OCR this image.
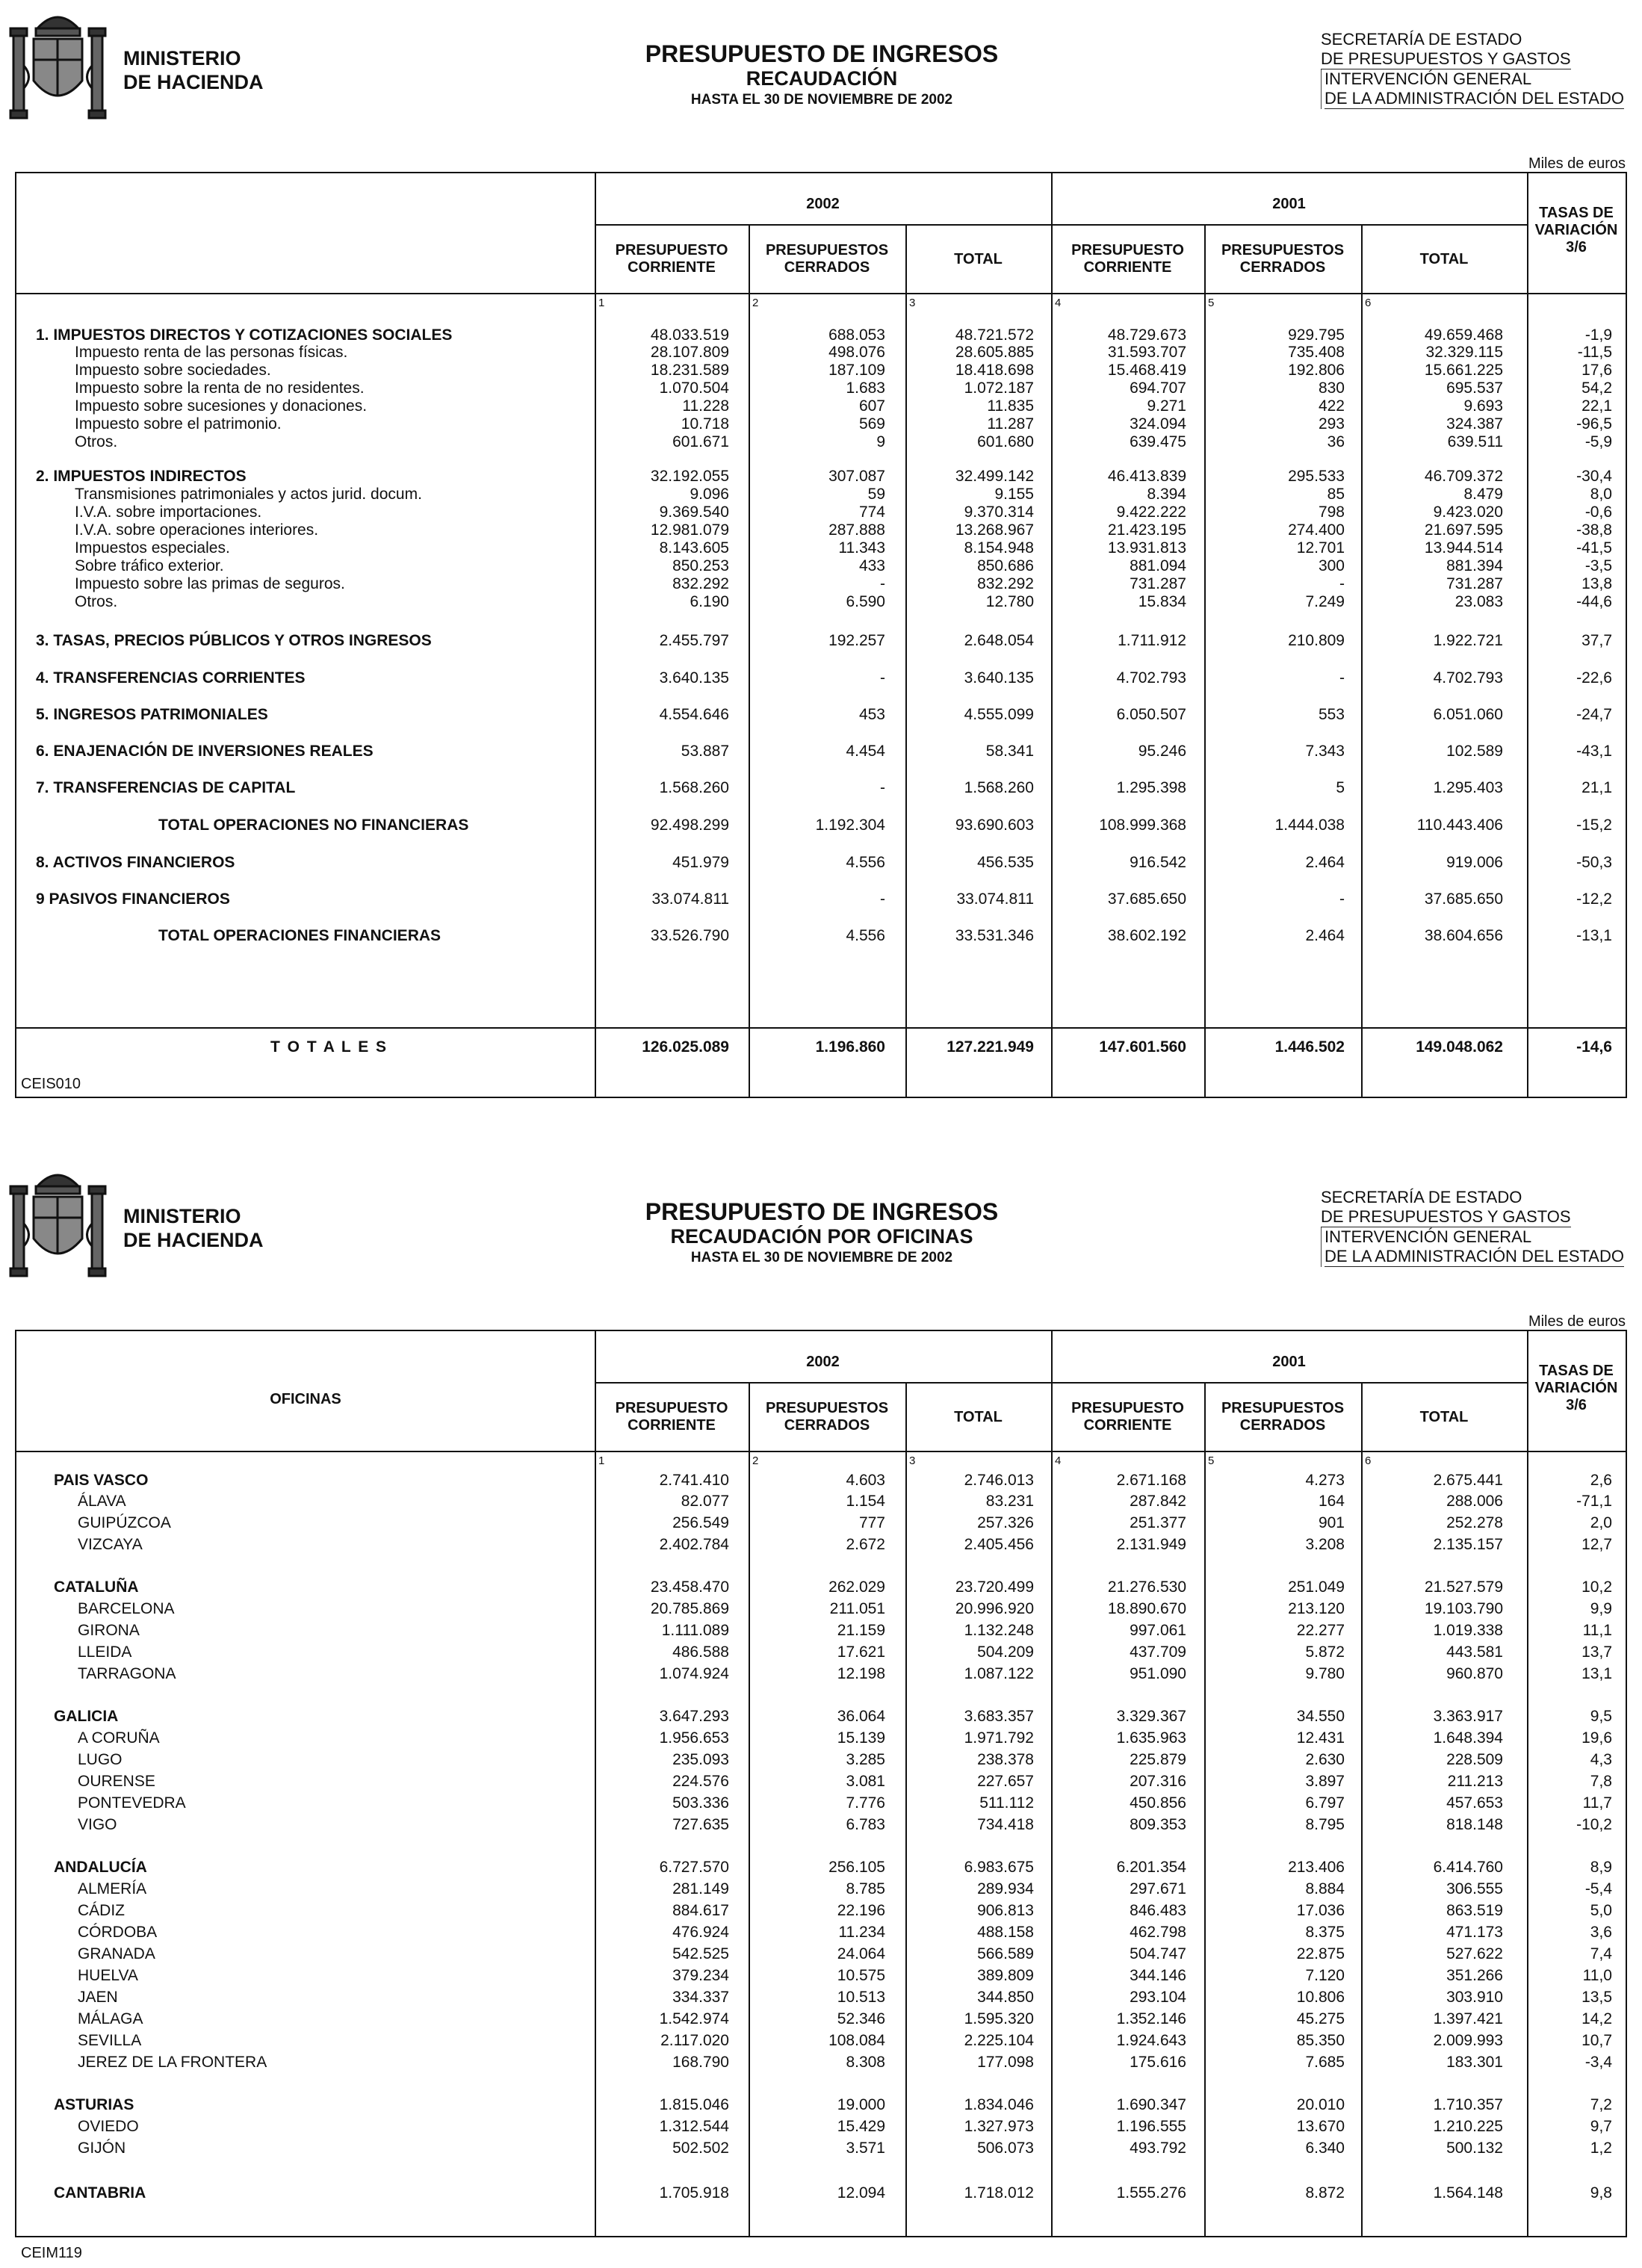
MINISTERIO
DE HACIENDA
PRESUPUESTO DE INGRESOS
RECAUDACIÓN
HASTA EL 30 DE NOVIEMBRE DE 2002
SECRETARÍA DE ESTADO
DE PRESUPUESTOS Y GASTOS
INTERVENCIÓN GENERAL
DE LA ADMINISTRACIÓN DEL ESTADO
Miles de euros
2002	2001
PRESUPUESTO
CORRIENTE
PRESUPUESTOS
CERRADOS	TOTAL
PRESUPUESTO
CORRIENTE
PRESUPUESTOS
CERRADOS	TOTAL
TASAS DE
VARIACIÓN
3/6
1	2	3	4	5	6
1. IMPUESTOS DIRECTOS Y COTIZACIONES SOCIALES	48.033.519	688.053	48.721.572	48.729.673	929.795	49.659.468	-1,9
Impuesto renta de las personas físicas.	28.107.809	498.076	28.605.885	31.593.707	735.408	32.329.115	-11,5
Impuesto sobre sociedades.	18.231.589	187.109	18.418.698	15.468.419	192.806	15.661.225	17,6
Impuesto sobre la renta de no residentes.	1.070.504	1.683	1.072.187	694.707	830	695.537	54,2
Impuesto sobre sucesiones y donaciones.	11.228	607	11.835	9.271	422	9.693	22,1
Impuesto sobre el patrimonio.	10.718	569	11.287	324.094	293	324.387	-96,5
Otros.	601.671	9	601.680	639.475	36	639.511	-5,9
2. IMPUESTOS INDIRECTOS	32.192.055	307.087	32.499.142	46.413.839	295.533	46.709.372	-30,4
Transmisiones patrimoniales y actos jurid. docum.	9.096	59	9.155	8.394	85	8.479	8,0
I.V.A. sobre importaciones.	9.369.540	774	9.370.314	9.422.222	798	9.423.020	-0,6
I.V.A. sobre operaciones interiores.	12.981.079	287.888	13.268.967	21.423.195	274.400	21.697.595	-38,8
Impuestos especiales.	8.143.605	11.343	8.154.948	13.931.813	12.701	13.944.514	-41,5
Sobre tráfico exterior.	850.253	433	850.686	881.094	300	881.394	-3,5
Impuesto sobre las primas de seguros.	832.292	-	832.292	731.287	-	731.287	13,8
Otros.	6.190	6.590	12.780	15.834	7.249	23.083	-44,6
3. TASAS, PRECIOS PÚBLICOS Y OTROS INGRESOS	2.455.797	192.257	2.648.054	1.711.912	210.809	1.922.721	37,7
4. TRANSFERENCIAS CORRIENTES	3.640.135	-	3.640.135	4.702.793	-	4.702.793	-22,6
5. INGRESOS PATRIMONIALES	4.554.646	453	4.555.099	6.050.507	553	6.051.060	-24,7
6. ENAJENACIÓN DE INVERSIONES REALES	53.887	4.454	58.341	95.246	7.343	102.589	-43,1
7. TRANSFERENCIAS DE CAPITAL	1.568.260	-	1.568.260	1.295.398	5	1.295.403	21,1
TOTAL OPERACIONES NO FINANCIERAS	92.498.299	1.192.304	93.690.603	108.999.368	1.444.038	110.443.406	-15,2
8. ACTIVOS FINANCIEROS	451.979	4.556	456.535	916.542	2.464	919.006	-50,3
9 PASIVOS FINANCIEROS	33.074.811	-	33.074.811	37.685.650	-	37.685.650	-12,2
TOTAL OPERACIONES FINANCIERAS	33.526.790	4.556	33.531.346	38.602.192	2.464	38.604.656	-13,1
T O T A L E S	126.025.089	1.196.860	127.221.949	147.601.560	1.446.502	149.048.062	-14,6
CEIS010
MINISTERIO
DE HACIENDA
PRESUPUESTO DE INGRESOS
RECAUDACIÓN POR OFICINAS
HASTA EL 30 DE NOVIEMBRE DE 2002
SECRETARÍA DE ESTADO
DE PRESUPUESTOS Y GASTOS
INTERVENCIÓN GENERAL
DE LA ADMINISTRACIÓN DEL ESTADO
Miles de euros
2002	2001
PRESUPUESTO
CORRIENTE
PRESUPUESTOS
CERRADOS	TOTAL
PRESUPUESTO
CORRIENTE
PRESUPUESTOS
CERRADOS	TOTAL
TASAS DE
VARIACIÓN
3/6
1	2	3	4	5	6
OFICINAS
PAIS VASCO	2.741.410	4.603	2.746.013	2.671.168	4.273	2.675.441	2,6
ÁLAVA	82.077	1.154	83.231	287.842	164	288.006	-71,1
GUIPÚZCOA	256.549	777	257.326	251.377	901	252.278	2,0
VIZCAYA	2.402.784	2.672	2.405.456	2.131.949	3.208	2.135.157	12,7
CATALUÑA	23.458.470	262.029	23.720.499	21.276.530	251.049	21.527.579	10,2
BARCELONA	20.785.869	211.051	20.996.920	18.890.670	213.120	19.103.790	9,9
GIRONA	1.111.089	21.159	1.132.248	997.061	22.277	1.019.338	11,1
LLEIDA	486.588	17.621	504.209	437.709	5.872	443.581	13,7
TARRAGONA	1.074.924	12.198	1.087.122	951.090	9.780	960.870	13,1
GALICIA	3.647.293	36.064	3.683.357	3.329.367	34.550	3.363.917	9,5
A CORUÑA	1.956.653	15.139	1.971.792	1.635.963	12.431	1.648.394	19,6
LUGO	235.093	3.285	238.378	225.879	2.630	228.509	4,3
OURENSE	224.576	3.081	227.657	207.316	3.897	211.213	7,8
PONTEVEDRA	503.336	7.776	511.112	450.856	6.797	457.653	11,7
VIGO	727.635	6.783	734.418	809.353	8.795	818.148	-10,2
ANDALUCÍA	6.727.570	256.105	6.983.675	6.201.354	213.406	6.414.760	8,9
ALMERÍA	281.149	8.785	289.934	297.671	8.884	306.555	-5,4
CÁDIZ	884.617	22.196	906.813	846.483	17.036	863.519	5,0
CÓRDOBA	476.924	11.234	488.158	462.798	8.375	471.173	3,6
GRANADA	542.525	24.064	566.589	504.747	22.875	527.622	7,4
HUELVA	379.234	10.575	389.809	344.146	7.120	351.266	11,0
JAEN	334.337	10.513	344.850	293.104	10.806	303.910	13,5
MÁLAGA	1.542.974	52.346	1.595.320	1.352.146	45.275	1.397.421	14,2
SEVILLA	2.117.020	108.084	2.225.104	1.924.643	85.350	2.009.993	10,7
JEREZ DE LA FRONTERA	168.790	8.308	177.098	175.616	7.685	183.301	-3,4
ASTURIAS	1.815.046	19.000	1.834.046	1.690.347	20.010	1.710.357	7,2
OVIEDO	1.312.544	15.429	1.327.973	1.196.555	13.670	1.210.225	9,7
GIJÓN	502.502	3.571	506.073	493.792	6.340	500.132	1,2
CANTABRIA	1.705.918	12.094	1.718.012	1.555.276	8.872	1.564.148	9,8
CEIM119
